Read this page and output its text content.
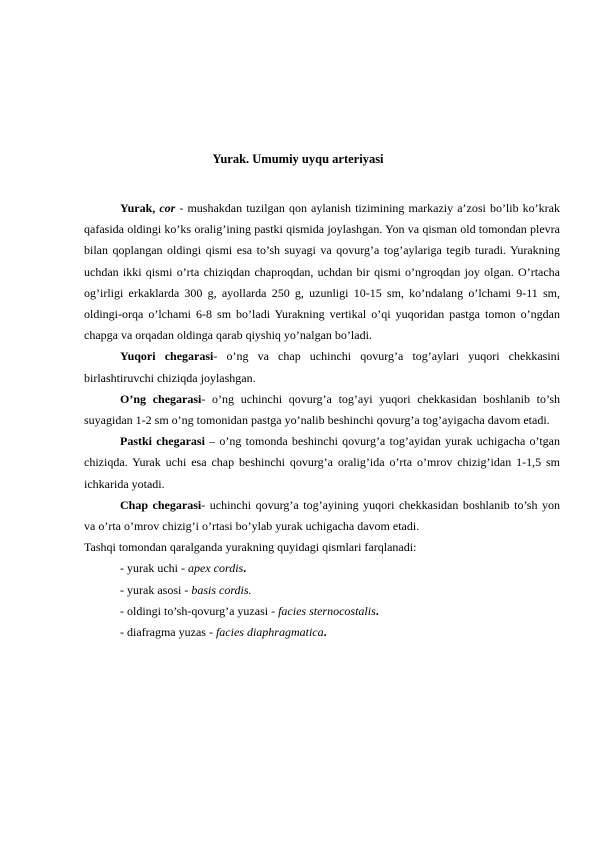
Yurak. Umumiy uyqu arteriyasi

Yurak, cor - mushakdan tuzilgan qon aylanish tizimining markaziy a’zosi bo’lib ko’krak qafasida oldingi ko’ks oralig’ining pastki qismida joylashgan. Yon va qisman old tomondan plevra bilan qoplangan oldingi qismi esa to’sh suyagi va qovurg’a tog’aylariga tegib turadi. Yurakning uchdan ikki qismi o’rta chiziqdan chaproqdan, uchdan bir qismi o’ngroqdan joy olgan. O’rtacha og’irligi erkaklarda 300 g, ayollarda 250 g, uzunligi 10-15 sm, ko’ndalang o’lchami 9-11 sm, oldingi-orqa o’lchami 6-8 sm bo’ladi Yurakning vertikal o’qi yuqoridan pastga tomon o’ngdan chapga va orqadan oldinga qarab qiyshiq yo’nalgan bo’ladi.

Yuqori chegarasi- o’ng va chap uchinchi qovurg’a tog’aylari yuqori chekkasini birlashtiruvchi chiziqda joylashgan.

O’ng chegarasi- o’ng uchinchi qovurg’a tog’ayi yuqori chekkasidan boshlanib to’sh suyagidan 1-2 sm o’ng tomonidan pastga yo’nalib beshinchi qovurg’a tog’ayigacha davom etadi.

Pastki chegarasi – o’ng tomonda beshinchi qovurg’a tog’ayidan yurak uchigacha o’tgan chiziqda. Yurak uchi esa chap beshinchi qovurg’a oralig’ida o’rta o’mrov chizig’idan 1-1,5 sm ichkarida yotadi.

Chap chegarasi- uchinchi qovurg’a tog’ayining yuqori chekkasidan boshlanib to’sh yon va o’rta o’mrov chizig’i o’rtasi bo’ylab yurak uchigacha davom etadi.

Tashqi tomondan qaralganda yurakning quyidagi qismlari farqlanadi:

- yurak uchi - apex cordis.
- yurak asosi - basis cordis.
- oldingi to’sh-qovurg’a yuzasi - facies sternocostalis.
- diafragma yuzas - facies diaphragmatica.
